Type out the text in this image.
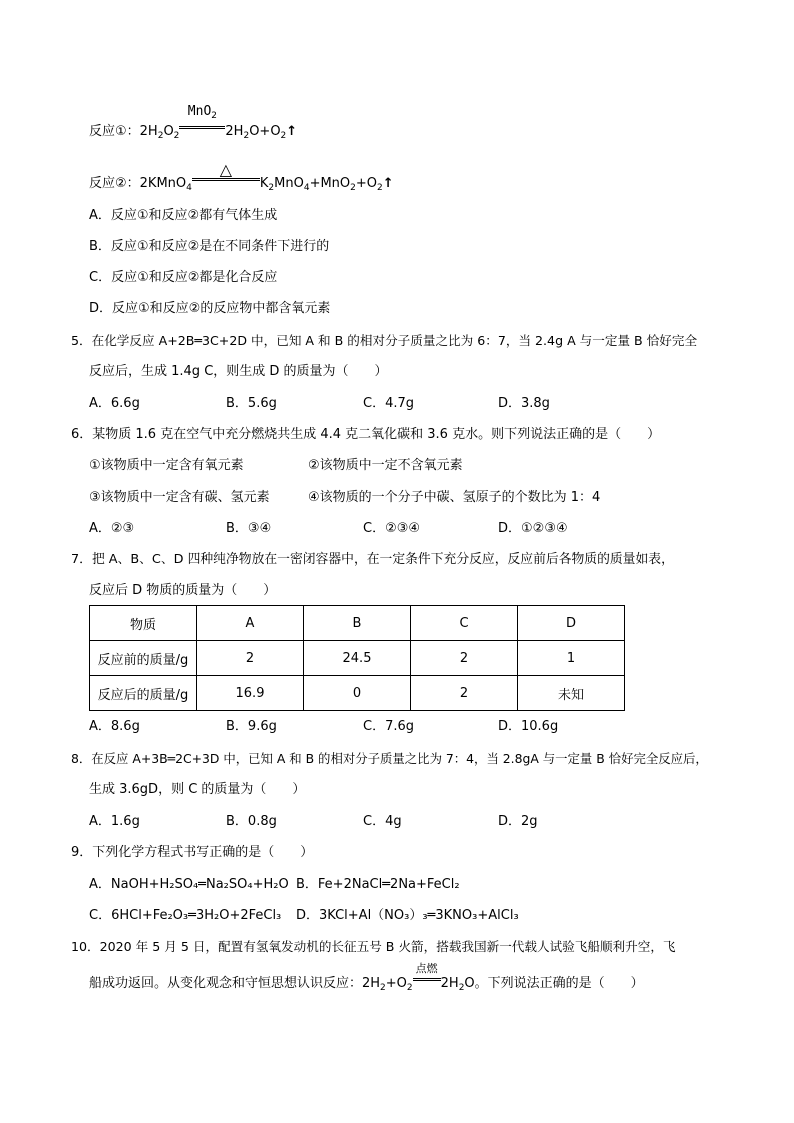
反应①：$2H_2O_2$
MnO$_2$
$2H_2O+O_2↑$
反应②：2KMnO$_4$
△
$K_2MnO_4+MnO_2+O_2↑$
A．反应①和反应②都有气体生成
B．反应①和反应②是在不同条件下进行的
C．反应①和反应②都是化合反应
D．反应①和反应②的反应物中都含氧元素
5．在化学反应 A+2B═3C+2D 中，已知 A 和 B 的相对分子质量之比为 6：7，当 2.4g A 与一定量 B 恰好完全
反应后，生成 1.4g C，则生成 D 的质量为（　　）
A．6.6g	B．5.6g	C．4.7g	D．3.8g
6．某物质 1.6 克在空气中充分燃烧共生成 4.4 克二氧化碳和 3.6 克水。则下列说法正确的是（　　）
①该物质中一定含有氧元素	②该物质中一定不含氧元素
③该物质中一定含有碳、氢元素	④该物质的一个分子中碳、氢原子的个数比为 1：4
A．②③	B．③④	C．②③④	D．①②③④
7．把 A、B、C、D 四种纯净物放在一密闭容器中，在一定条件下充分反应，反应前后各物质的质量如表，
反应后 D 物质的质量为（　　）
物质	A	B	C	D
反应前的质量/g	2	24.5	2	1
反应后的质量/g	16.9	0	2	未知
A．8.6g	B．9.6g	C．7.6g	D．10.6g
8．在反应 A+3B═2C+3D 中，已知 A 和 B 的相对分子质量之比为 7：4，当 2.8gA 与一定量 B 恰好完全反应后，
生成 3.6gD，则 C 的质量为（　　）
A．1.6g	B．0.8g	C．4g	D．2g
9．下列化学方程式书写正确的是（　　）
A．NaOH+H₂SO₄═Na₂SO₄+H₂O B．Fe+2NaCl═2Na+FeCl₂
C．6HCl+Fe₂O₃═3H₂O+2FeCl₃ D．3KCl+Al（NO₃）₃═3KNO₃+AlCl₃
10．2020 年 5 月 5 日，配置有氢氧发动机的长征五号 B 火箭，搭载我国新一代载人试验飞船顺利升空，飞
船成功返回。从变化观念和守恒思想认识反应：$2H_2+O_2$
点燃
$2H_2O$。下列说法正确的是（　　）
